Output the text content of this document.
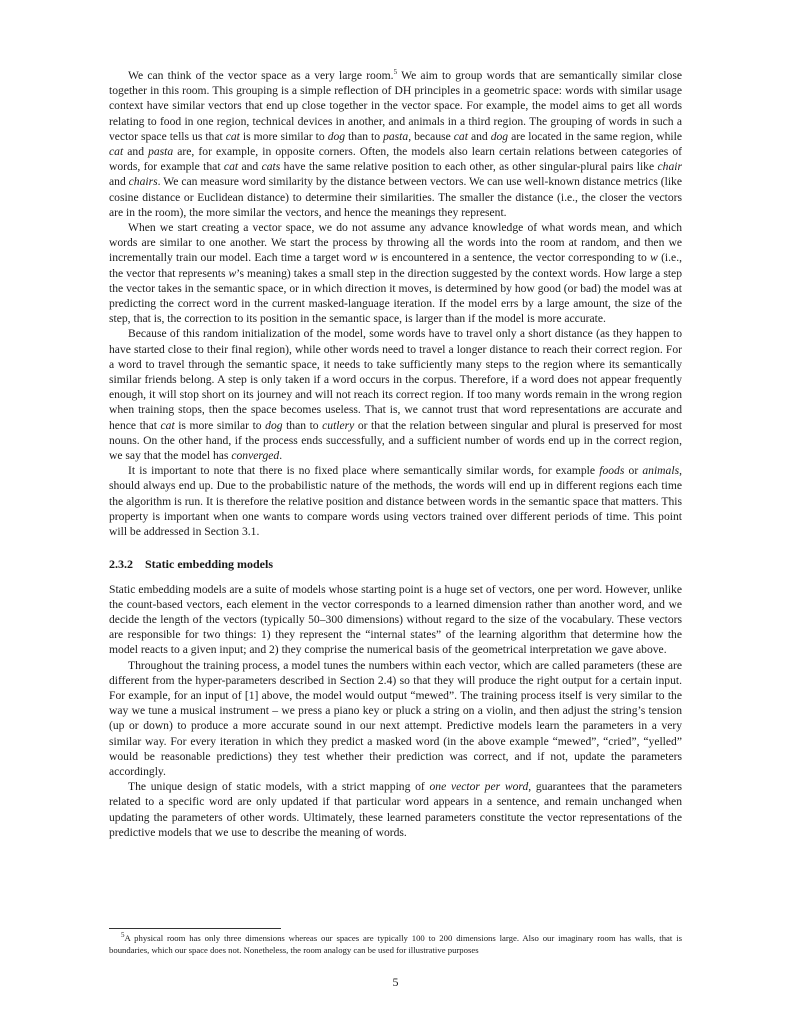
We can think of the vector space as a very large room.$^5$ We aim to group words that are semantically similar close together in this room. This grouping is a simple reflection of DH principles in a geometric space: words with similar usage context have similar vectors that end up close together in the vector space. For example, the model aims to get all words relating to food in one region, technical devices in another, and animals in a third region. The grouping of words in such a vector space tells us that cat is more similar to dog than to pasta, because cat and dog are located in the same region, while cat and pasta are, for example, in opposite corners. Often, the models also learn certain relations between categories of words, for example that cat and cats have the same relative position to each other, as other singular-plural pairs like chair and chairs. We can measure word similarity by the distance between vectors. We can use well-known distance metrics (like cosine distance or Euclidean distance) to determine their similarities. The smaller the distance (i.e., the closer the vectors are in the room), the more similar the vectors, and hence the meanings they represent.

When we start creating a vector space, we do not assume any advance knowledge of what words mean, and which words are similar to one another. We start the process by throwing all the words into the room at random, and then we incrementally train our model. Each time a target word w is encountered in a sentence, the vector corresponding to w (i.e., the vector that represents w’s meaning) takes a small step in the direction suggested by the context words. How large a step the vector takes in the semantic space, or in which direction it moves, is determined by how good (or bad) the model was at predicting the correct word in the current masked-language iteration. If the model errs by a large amount, the size of the step, that is, the correction to its position in the semantic space, is larger than if the model is more accurate.

Because of this random initialization of the model, some words have to travel only a short distance (as they happen to have started close to their final region), while other words need to travel a longer distance to reach their correct region. For a word to travel through the semantic space, it needs to take sufficiently many steps to the region where its semantically similar friends belong. A step is only taken if a word occurs in the corpus. Therefore, if a word does not appear frequently enough, it will stop short on its journey and will not reach its correct region. If too many words remain in the wrong region when training stops, then the space becomes useless. That is, we cannot trust that word representations are accurate and hence that cat is more similar to dog than to cutlery or that the relation between singular and plural is preserved for most nouns. On the other hand, if the process ends successfully, and a sufficient number of words end up in the correct region, we say that the model has converged.

It is important to note that there is no fixed place where semantically similar words, for example foods or animals, should always end up. Due to the probabilistic nature of the methods, the words will end up in different regions each time the algorithm is run. It is therefore the relative position and distance between words in the semantic space that matters. This property is important when one wants to compare words using vectors trained over different periods of time. This point will be addressed in Section 3.1.

2.3.2 Static embedding models

Static embedding models are a suite of models whose starting point is a huge set of vectors, one per word. However, unlike the count-based vectors, each element in the vector corresponds to a learned dimension rather than another word, and we decide the length of the vectors (typically 50–300 dimensions) without regard to the size of the vocabulary. These vectors are responsible for two things: 1) they represent the “internal states” of the learning algorithm that determine how the model reacts to a given input; and 2) they comprise the numerical basis of the geometrical interpretation we gave above.

Throughout the training process, a model tunes the numbers within each vector, which are called parameters (these are different from the hyper-parameters described in Section 2.4) so that they will produce the right output for a certain input. For example, for an input of [1] above, the model would output “mewed”. The training process itself is very similar to the way we tune a musical instrument – we press a piano key or pluck a string on a violin, and then adjust the string’s tension (up or down) to produce a more accurate sound in our next attempt. Predictive models learn the parameters in a very similar way. For every iteration in which they predict a masked word (in the above example “mewed”, “cried”, “yelled” would be reasonable predictions) they test whether their prediction was correct, and if not, update the parameters accordingly.

The unique design of static models, with a strict mapping of one vector per word, guarantees that the parameters related to a specific word are only updated if that particular word appears in a sentence, and remain unchanged when updating the parameters of other words. Ultimately, these learned parameters constitute the vector representations of the predictive models that we use to describe the meaning of words.

$^5$A physical room has only three dimensions whereas our spaces are typically 100 to 200 dimensions large. Also our imaginary room has walls, that is boundaries, which our space does not. Nonetheless, the room analogy can be used for illustrative purposes
5
